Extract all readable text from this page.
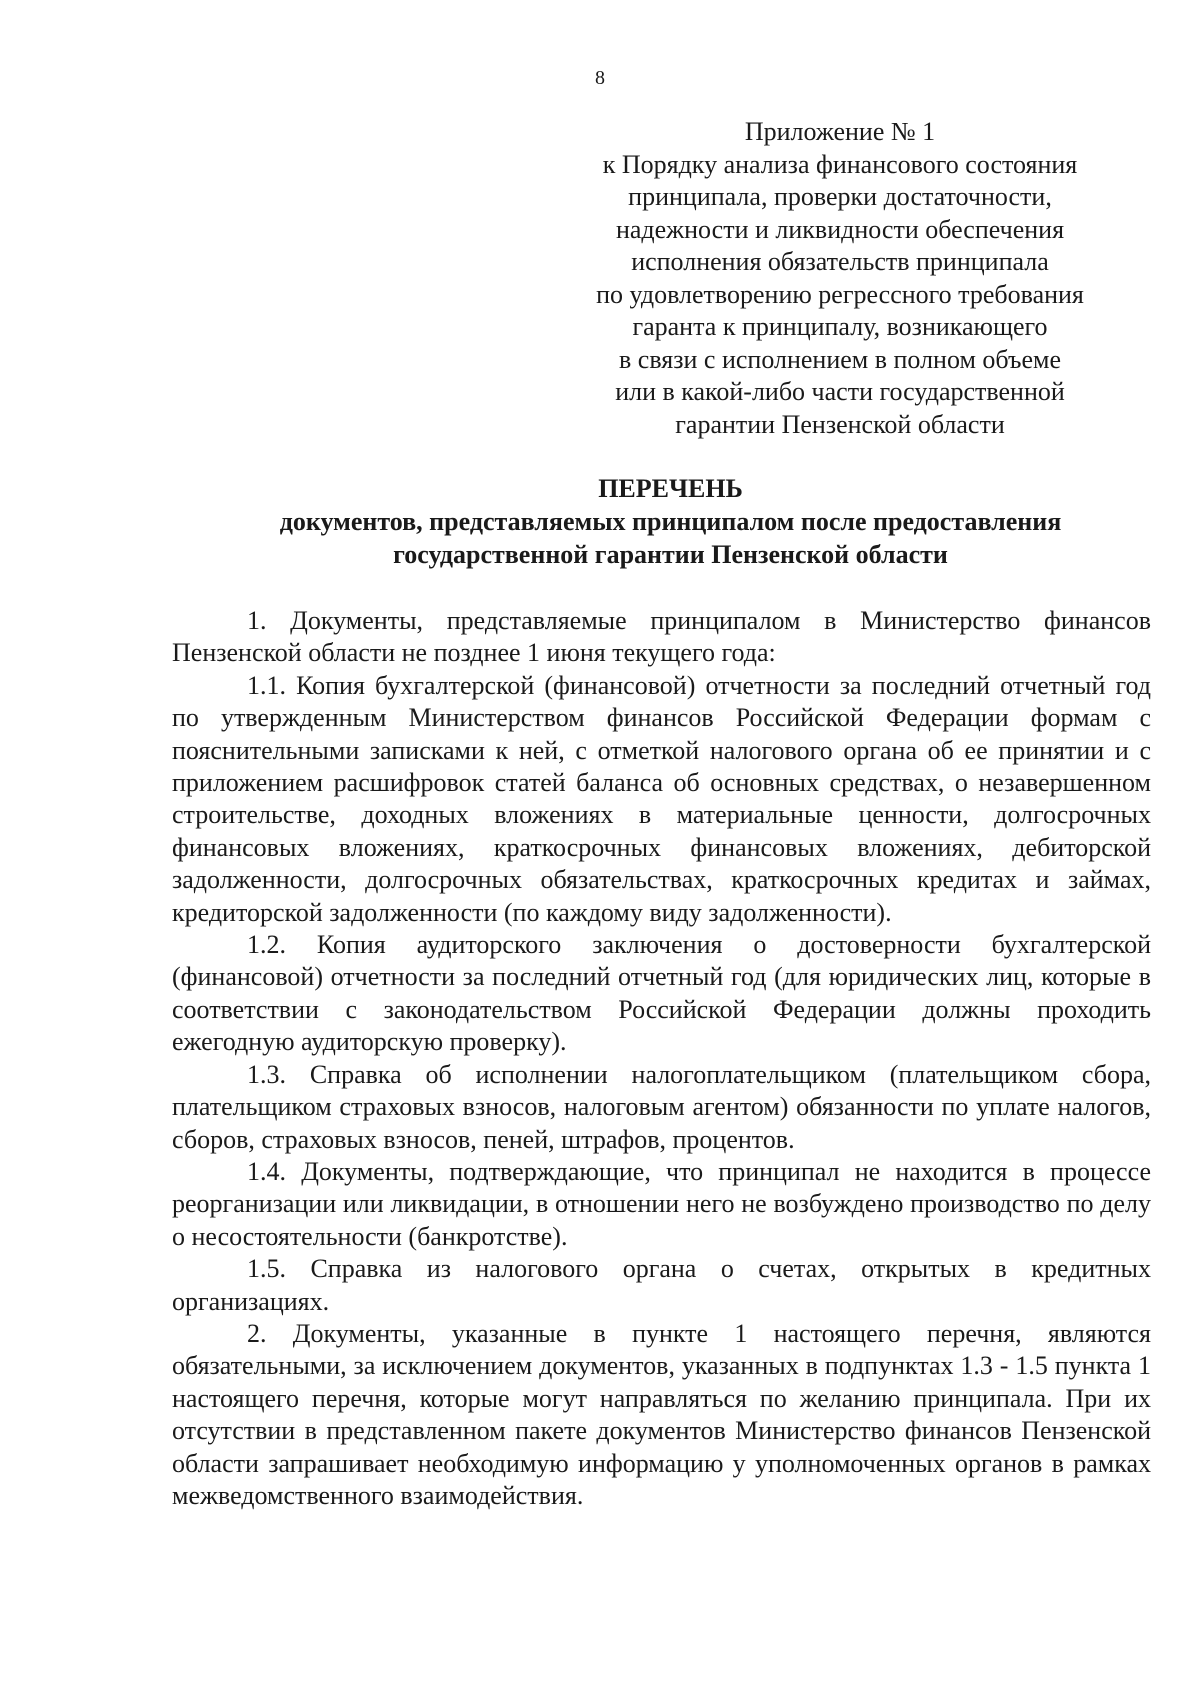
8
Приложение № 1
к Порядку анализа финансового состояния
принципала, проверки достаточности,
надежности и ликвидности обеспечения
исполнения обязательств принципала
по удовлетворению регрессного требования
гаранта к принципалу, возникающего
в связи с исполнением в полном объеме
или в какой-либо части государственной
гарантии Пензенской области
ПЕРЕЧЕНЬ
документов, представляемых принципалом после предоставления
государственной гарантии Пензенской области

1. Документы, представляемые принципалом в Министерство финансов Пензенской области не позднее 1 июня текущего года:

1.1. Копия бухгалтерской (финансовой) отчетности за последний отчетный год по утвержденным Министерством финансов Российской Федерации формам с пояснительными записками к ней, с отметкой налогового органа об ее принятии и с приложением расшифровок статей баланса об основных средствах, о незавершенном строительстве, доходных вложениях в материальные ценности, долгосрочных финансовых вложениях, краткосрочных финансовых вложениях, дебиторской задолженности, долгосрочных обязательствах, краткосрочных кредитах и займах, кредиторской задолженности (по каждому виду задолженности).

1.2. Копия аудиторского заключения о достоверности бухгалтерской (финансовой) отчетности за последний отчетный год (для юридических лиц, которые в соответствии с законодательством Российской Федерации должны проходить ежегодную аудиторскую проверку).

1.3. Справка об исполнении налогоплательщиком (плательщиком сбора, плательщиком страховых взносов, налоговым агентом) обязанности по уплате налогов, сборов, страховых взносов, пеней, штрафов, процентов.

1.4. Документы, подтверждающие, что принципал не находится в процессе реорганизации или ликвидации, в отношении него не возбуждено производство по делу о несостоятельности (банкротстве).

1.5. Справка из налогового органа о счетах, открытых в кредитных организациях.

2. Документы, указанные в пункте 1 настоящего перечня, являются обязательными, за исключением документов, указанных в подпунктах 1.3 - 1.5 пункта 1 настоящего перечня, которые могут направляться по желанию принципала. При их отсутствии в представленном пакете документов Министерство финансов Пензенской области запрашивает необходимую информацию у уполномоченных органов в рамках межведомственного взаимодействия.
